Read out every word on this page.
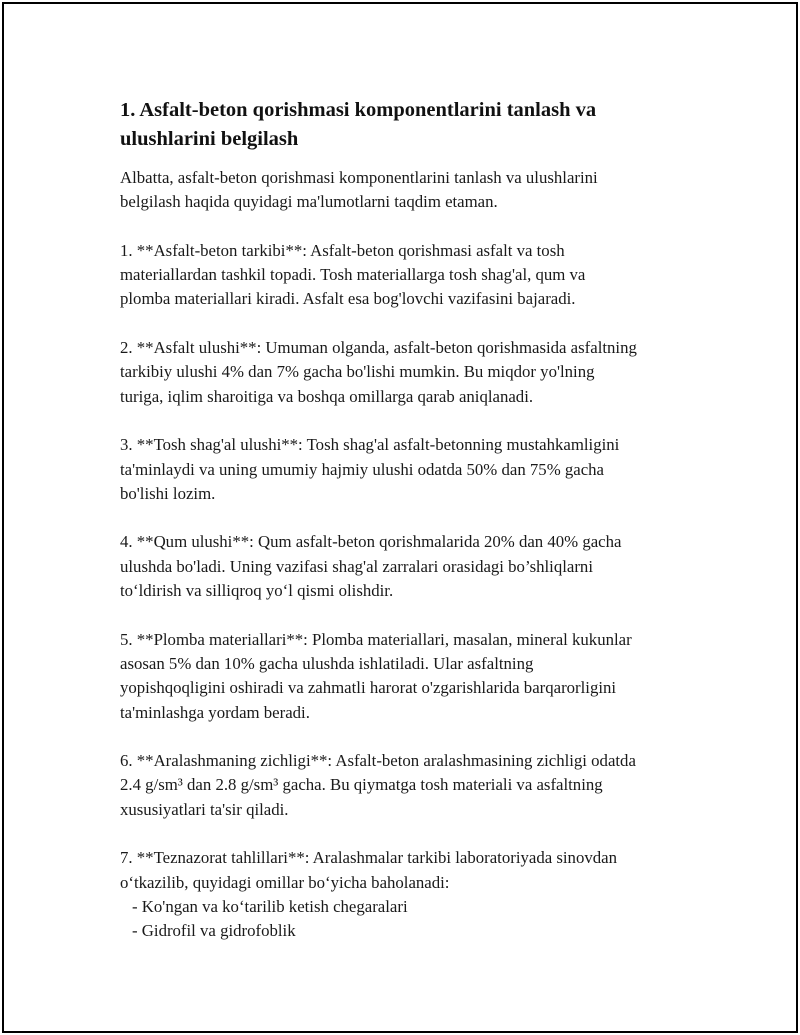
1. Asfalt-beton qorishmasi komponentlarini tanlash va ulushlarini belgilash

Albatta, asfalt-beton qorishmasi komponentlarini tanlash va ulushlarini
belgilash haqida quyidagi ma'lumotlarni taqdim etaman.

1. **Asfalt-beton tarkibi**: Asfalt-beton qorishmasi asfalt va tosh
materiallardan tashkil topadi. Tosh materiallarga tosh shag'al, qum va
plomba materiallari kiradi. Asfalt esa bog'lovchi vazifasini bajaradi.

2. **Asfalt ulushi**: Umuman olganda, asfalt-beton qorishmasida asfaltning
tarkibiy ulushi 4% dan 7% gacha bo'lishi mumkin. Bu miqdor yo'lning
turiga, iqlim sharoitiga va boshqa omillarga qarab aniqlanadi.

3. **Tosh shag'al ulushi**: Tosh shag'al asfalt-betonning mustahkamligini
ta'minlaydi va uning umumiy hajmiy ulushi odatda 50% dan 75% gacha
bo'lishi lozim.

4. **Qum ulushi**: Qum asfalt-beton qorishmalarida 20% dan 40% gacha
ulushda bo'ladi. Uning vazifasi shag'al zarralari orasidagi bo’shliqlarni
to‘ldirish va silliqroq yo‘l qismi olishdir.

5. **Plomba materiallari**: Plomba materiallari, masalan, mineral kukunlar
asosan 5% dan 10% gacha ulushda ishlatiladi. Ular asfaltning
yopishqoqligini oshiradi va zahmatli harorat o'zgarishlarida barqarorligini
ta'minlashga yordam beradi.

6. **Aralashmaning zichligi**: Asfalt-beton aralashmasining zichligi odatda
2.4 g/sm³ dan 2.8 g/sm³ gacha. Bu qiymatga tosh materiali va asfaltning
xususiyatlari ta'sir qiladi.

7. **Teznazorat tahlillari**: Aralashmalar tarkibi laboratoriyada sinovdan
o‘tkazilib, quyidagi omillar bo‘yicha baholanadi:
- Ko'ngan va ko‘tarilib ketish chegaralari
- Gidrofil va gidrofoblik
